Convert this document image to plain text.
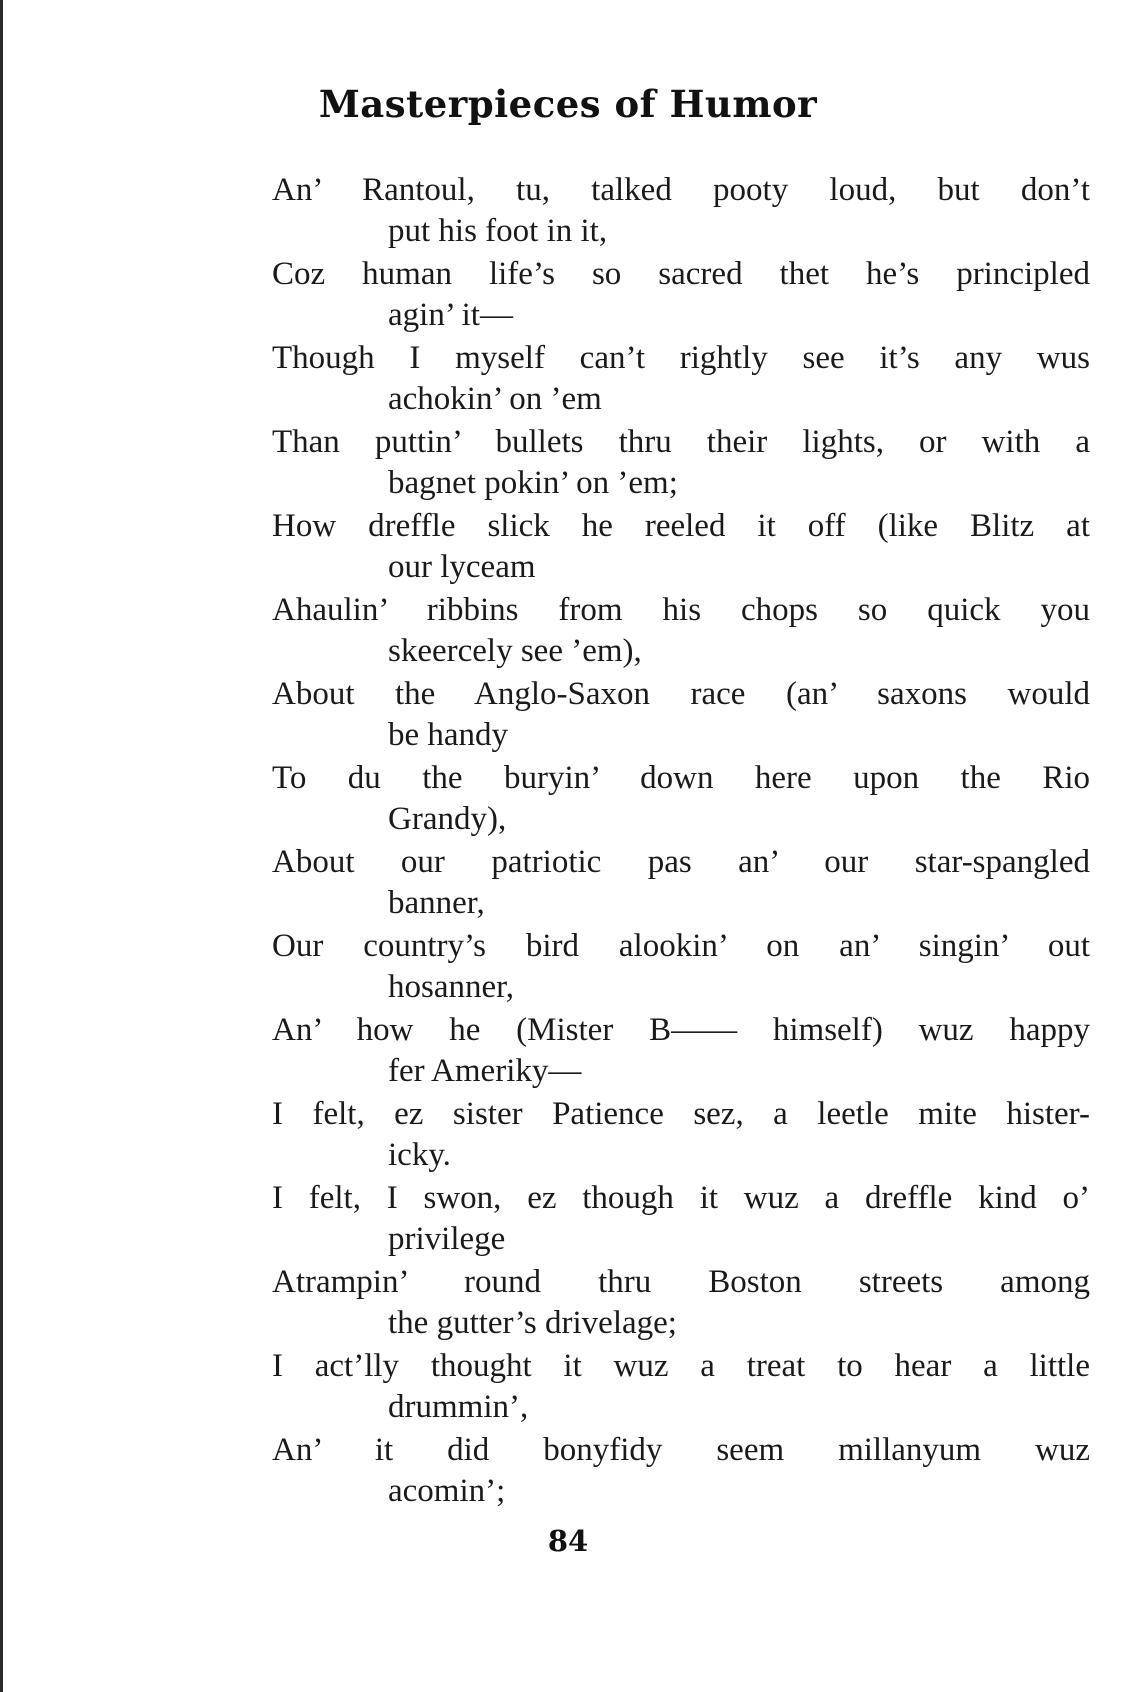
Masterpieces of Humor
An’ Rantoul, tu, talked pooty loud, but don’t
put his foot in it,
Coz human life’s so sacred thet he’s principled
agin’ it—
Though I myself can’t rightly see it’s any wus
achokin’ on ’em
Than puttin’ bullets thru their lights, or with a
bagnet pokin’ on ’em;
How dreffle slick he reeled it off (like Blitz at
our lyceam
Ahaulin’ ribbins from his chops so quick you
skeercely see ’em),
About the Anglo-Saxon race (an’ saxons would
be handy
To du the buryin’ down here upon the Rio
Grandy),
About our patriotic pas an’ our star-spangled
banner,
Our country’s bird alookin’ on an’ singin’ out
hosanner,
An’ how he (Mister B—— himself) wuz happy
fer Ameriky—
I felt, ez sister Patience sez, a leetle mite hister-
icky.
I felt, I swon, ez though it wuz a dreffle kind o’
privilege
Atrampin’ round thru Boston streets among
the gutter’s drivelage;
I act’lly thought it wuz a treat to hear a little
drummin’,
An’ it did bonyfidy seem millanyum wuz
acomin’;
84
